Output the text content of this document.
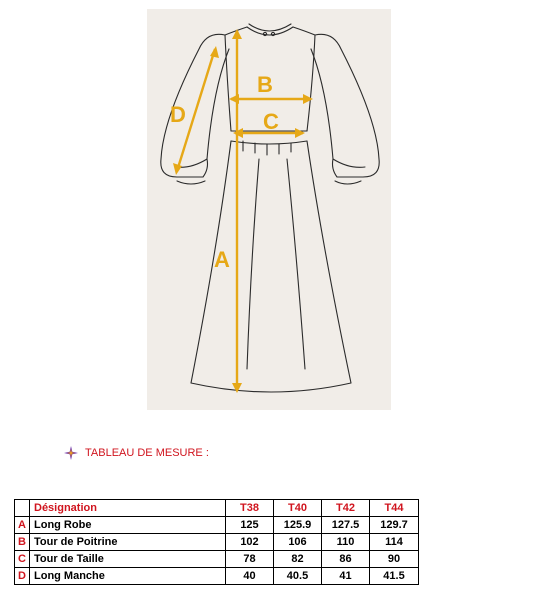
A
B
C
D
TABLEAU DE MESURE :
	Désignation	T38	T40	T42	T44
A	Long Robe	125	125.9	127.5	129.7
B	Tour de Poitrine	102	106	110	114
C	Tour de Taille	78	82	86	90
D	Long Manche	40	40.5	41	41.5
